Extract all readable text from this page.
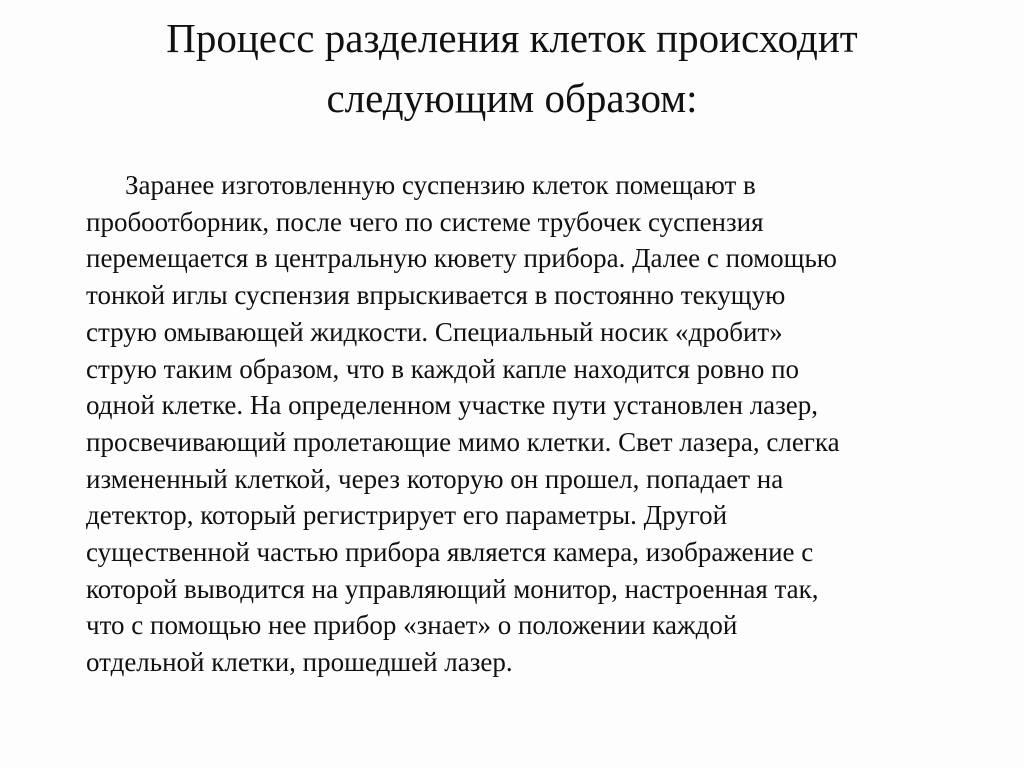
Процесс разделения клеток происходит
следующим образом:

Заранее изготовленную суспензию клеток помещают в
пробоотборник, после чего по системе трубочек суспензия
перемещается в центральную кювету прибора. Далее с помощью
тонкой иглы суспензия впрыскивается в постоянно текущую
струю омывающей жидкости. Специальный носик «дробит»
струю таким образом, что в каждой капле находится ровно по
одной клетке. На определенном участке пути установлен лазер,
просвечивающий пролетающие мимо клетки. Свет лазера, слегка
измененный клеткой, через которую он прошел, попадает на
детектор, который регистрирует его параметры. Другой
существенной частью прибора является камера, изображение с
которой выводится на управляющий монитор, настроенная так,
что с помощью нее прибор «знает» о положении каждой
отдельной клетки, прошедшей лазер.
